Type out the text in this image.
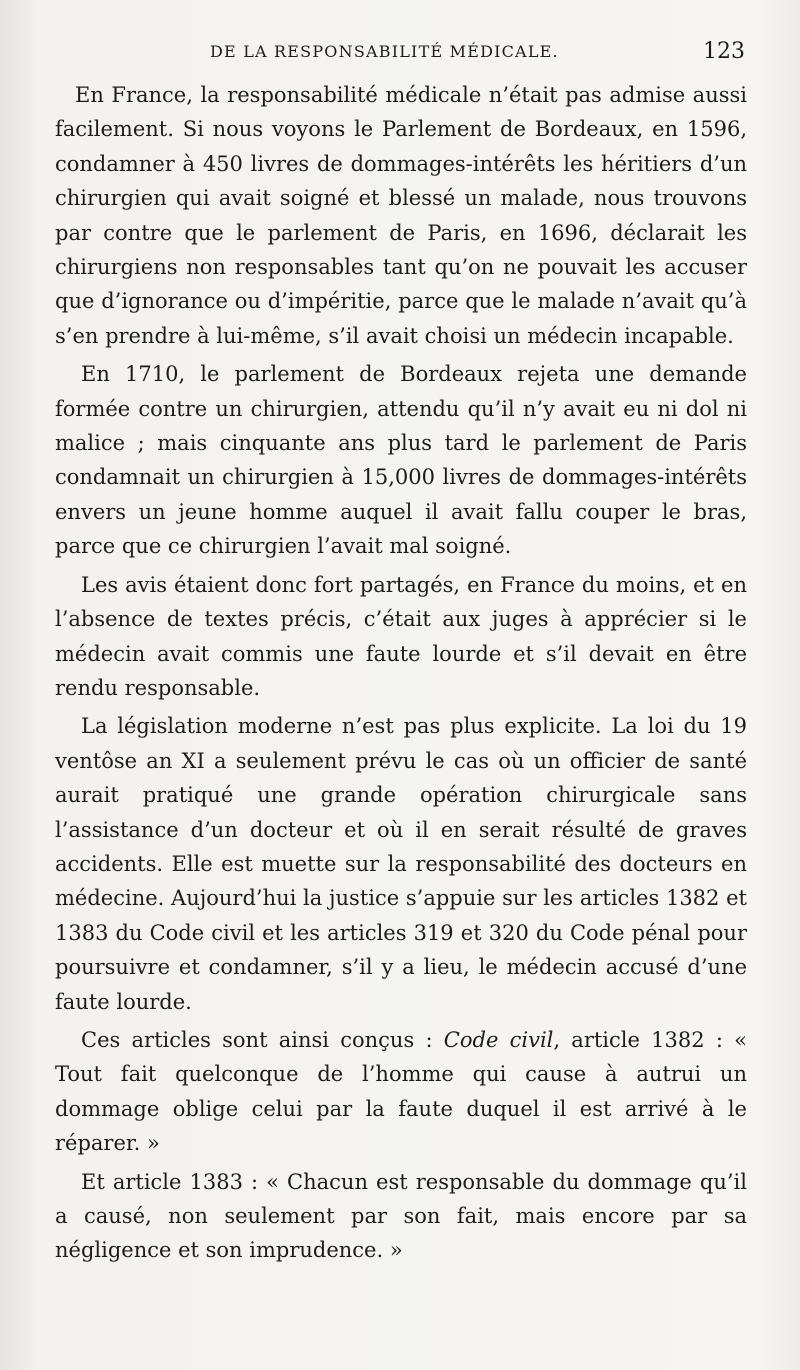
DE LA RESPONSABILITÉ MÉDICALE.	123

En France, la responsabilité médicale n’était pas admise aussi facilement. Si nous voyons le Parlement de Bordeaux, en 1596, condamner à 450 livres de dommages-intérêts les héritiers d’un chirurgien qui avait soigné et blessé un malade, nous trouvons par contre que le parlement de Paris, en 1696, déclarait les chirurgiens non responsables tant qu’on ne pouvait les accuser que d’ignorance ou d’impéritie, parce que le malade n’avait qu’à s’en prendre à lui-même, s’il avait choisi un médecin incapable.

En 1710, le parlement de Bordeaux rejeta une demande formée contre un chirurgien, attendu qu’il n’y avait eu ni dol ni malice ; mais cinquante ans plus tard le parlement de Paris condamnait un chirurgien à 15,000 livres de dommages-intérêts envers un jeune homme auquel il avait fallu couper le bras, parce que ce chirurgien l’avait mal soigné.

Les avis étaient donc fort partagés, en France du moins, et en l’absence de textes précis, c’était aux juges à apprécier si le médecin avait commis une faute lourde et s’il devait en être rendu responsable.

La législation moderne n’est pas plus explicite. La loi du 19 ventôse an XI a seulement prévu le cas où un officier de santé aurait pratiqué une grande opération chirurgicale sans l’assistance d’un docteur et où il en serait résulté de graves accidents. Elle est muette sur la responsabilité des docteurs en médecine. Aujourd’hui la justice s’appuie sur les articles 1382 et 1383 du Code civil et les articles 319 et 320 du Code pénal pour poursuivre et condamner, s’il y a lieu, le médecin accusé d’une faute lourde.

Ces articles sont ainsi conçus : Code civil, article 1382 : « Tout fait quelconque de l’homme qui cause à autrui un dommage oblige celui par la faute duquel il est arrivé à le réparer. »

Et article 1383 : « Chacun est responsable du dommage qu’il a causé, non seulement par son fait, mais encore par sa négligence et son imprudence. »
